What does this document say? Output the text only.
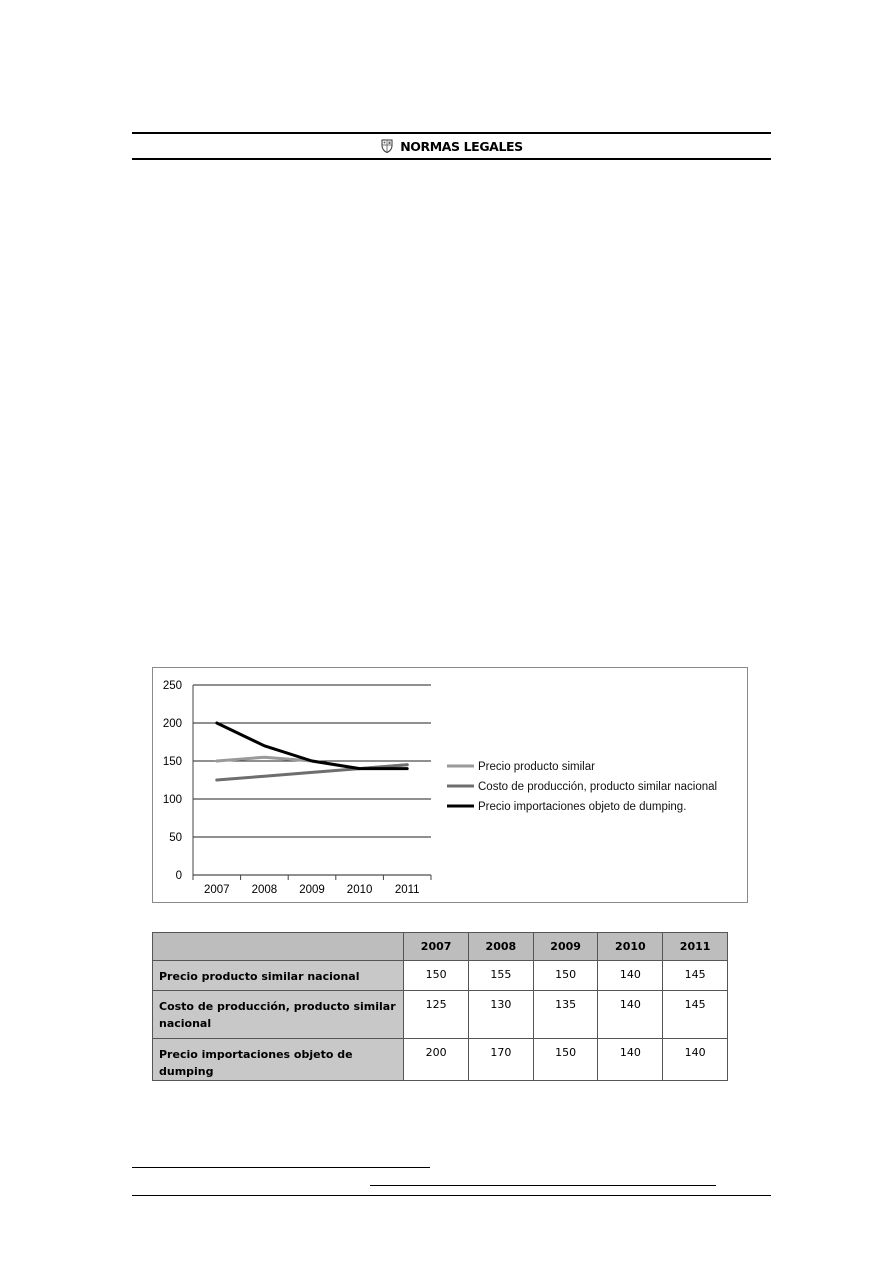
NORMAS LEGALES
250
200
150
100
50
0
2007 2008 2009 2010 2011
Precio producto similar
Costo de producción, producto similar nacional
Precio importaciones objeto de dumping.
	2007	2008	2009	2010	2011
Precio producto similar nacional	150	155	150	140	145
Costo de producción, producto similar nacional	125	130	135	140	145
Precio importaciones objeto de dumping	200	170	150	140	140
